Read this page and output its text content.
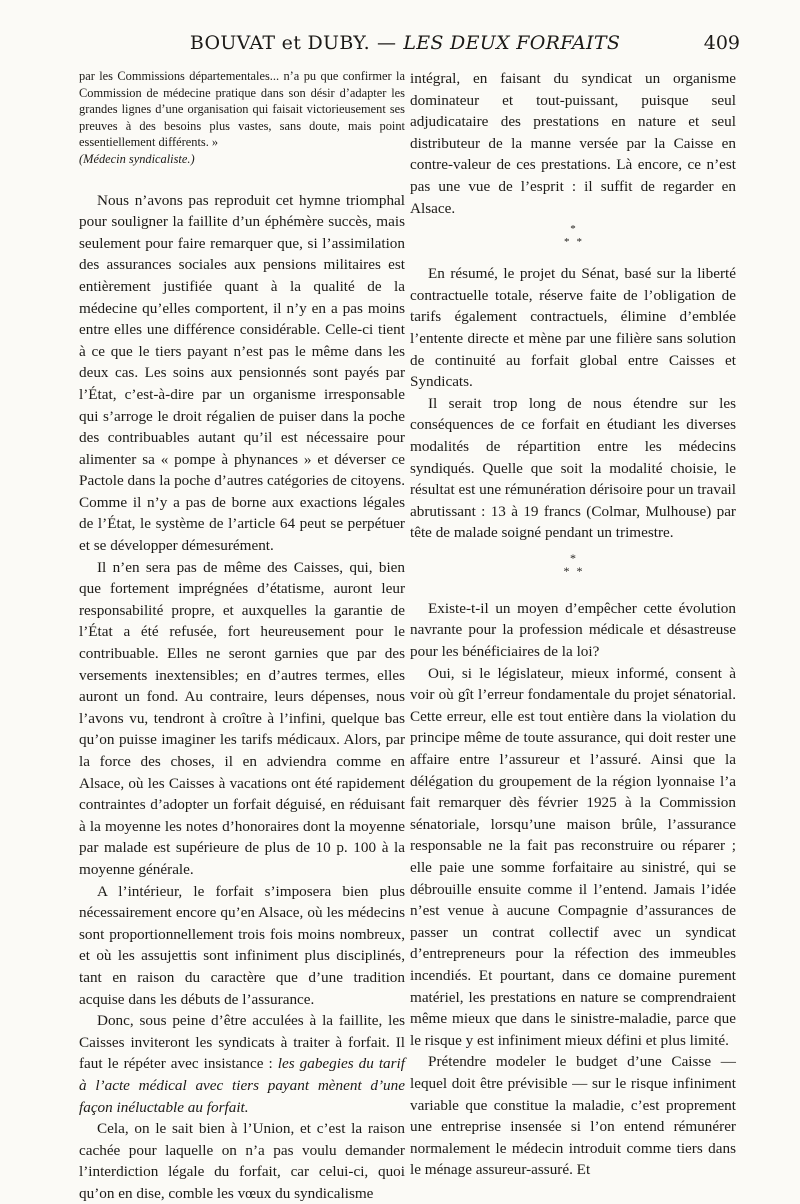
BOUVAT et DUBY. — LES DEUX FORFAITS	409
par les Commissions départementales... n’a pu que confirmer la Commission de médecine pratique dans son désir d’adapter les grandes lignes d’une organisation qui faisait victorieusement ses preuves à des besoins plus vastes, sans doute, mais point essentiellement différents. »
(Médecin syndicaliste.)

Nous n’avons pas reproduit cet hymne triomphal pour souligner la faillite d’un éphémère succès, mais seulement pour faire remarquer que, si l’assimilation des assurances sociales aux pensions militaires est entièrement justifiée quant à la qualité de la médecine qu’elles comportent, il n’y en a pas moins entre elles une différence considérable. Celle-ci tient à ce que le tiers payant n’est pas le même dans les deux cas. Les soins aux pensionnés sont payés par l’État, c’est-à-dire par un organisme irresponsable qui s’arroge le droit régalien de puiser dans la poche des contribuables autant qu’il est nécessaire pour alimenter sa « pompe à phynances » et déverser ce Pactole dans la poche d’autres catégories de citoyens. Comme il n’y a pas de borne aux exactions légales de l’État, le système de l’article 64 peut se perpétuer et se développer démesurément.

Il n’en sera pas de même des Caisses, qui, bien que fortement imprégnées d’étatisme, auront leur responsabilité propre, et auxquelles la garantie de l’État a été refusée, fort heureusement pour le contribuable. Elles ne seront garnies que par des versements inextensibles; en d’autres termes, elles auront un fond. Au contraire, leurs dépenses, nous l’avons vu, tendront à croître à l’infini, quelque bas qu’on puisse imaginer les tarifs médicaux. Alors, par la force des choses, il en adviendra comme en Alsace, où les Caisses à vacations ont été rapidement contraintes d’adopter un forfait déguisé, en réduisant à la moyenne les notes d’honoraires dont la moyenne par malade est supérieure de plus de 10 p. 100 à la moyenne générale.

A l’intérieur, le forfait s’imposera bien plus nécessairement encore qu’en Alsace, où les médecins sont proportionnellement trois fois moins nombreux, et où les assujettis sont infiniment plus disciplinés, tant en raison du caractère que d’une tradition acquise dans les débuts de l’assurance.

Donc, sous peine d’être acculées à la faillite, les Caisses inviteront les syndicats à traiter à forfait. Il faut le répéter avec insistance : les gabegies du tarif à l’acte médical avec tiers payant mènent d’une façon inéluctable au forfait.

Cela, on le sait bien à l’Union, et c’est la raison cachée pour laquelle on n’a pas voulu demander l’interdiction légale du forfait, car celui-ci, quoi qu’on en dise, comble les vœux du syndicalisme

intégral, en faisant du syndicat un organisme dominateur et tout-puissant, puisque seul adjudicataire des prestations en nature et seul distributeur de la manne versée par la Caisse en contre-valeur de ces prestations. Là encore, ce n’est pas une vue de l’esprit : il suffit de regarder en Alsace.

*
**

En résumé, le projet du Sénat, basé sur la liberté contractuelle totale, réserve faite de l’obligation de tarifs également contractuels, élimine d’emblée l’entente directe et mène par une filière sans solution de continuité au forfait global entre Caisses et Syndicats.

Il serait trop long de nous étendre sur les conséquences de ce forfait en étudiant les diverses modalités de répartition entre les médecins syndiqués. Quelle que soit la modalité choisie, le résultat est une rémunération dérisoire pour un travail abrutissant : 13 à 19 francs (Colmar, Mulhouse) par tête de malade soigné pendant un trimestre.

*
**

Existe-t-il un moyen d’empêcher cette évolution navrante pour la profession médicale et désastreuse pour les bénéficiaires de la loi?

Oui, si le législateur, mieux informé, consent à voir où gît l’erreur fondamentale du projet sénatorial. Cette erreur, elle est tout entière dans la violation du principe même de toute assurance, qui doit rester une affaire entre l’assureur et l’assuré. Ainsi que la délégation du groupement de la région lyonnaise l’a fait remarquer dès février 1925 à la Commission sénatoriale, lorsqu’une maison brûle, l’assurance responsable ne la fait pas reconstruire ou réparer ; elle paie une somme forfaitaire au sinistré, qui se débrouille ensuite comme il l’entend. Jamais l’idée n’est venue à aucune Compagnie d’assurances de passer un contrat collectif avec un syndicat d’entrepreneurs pour la réfection des immeubles incendiés. Et pourtant, dans ce domaine purement matériel, les prestations en nature se comprendraient même mieux que dans le sinistre-maladie, parce que le risque y est infiniment mieux défini et plus limité.

Prétendre modeler le budget d’une Caisse — lequel doit être prévisible — sur le risque infiniment variable que constitue la maladie, c’est proprement une entreprise insensée si l’on entend rémunérer normalement le médecin introduit comme tiers dans le ménage assureur-assuré. Et
